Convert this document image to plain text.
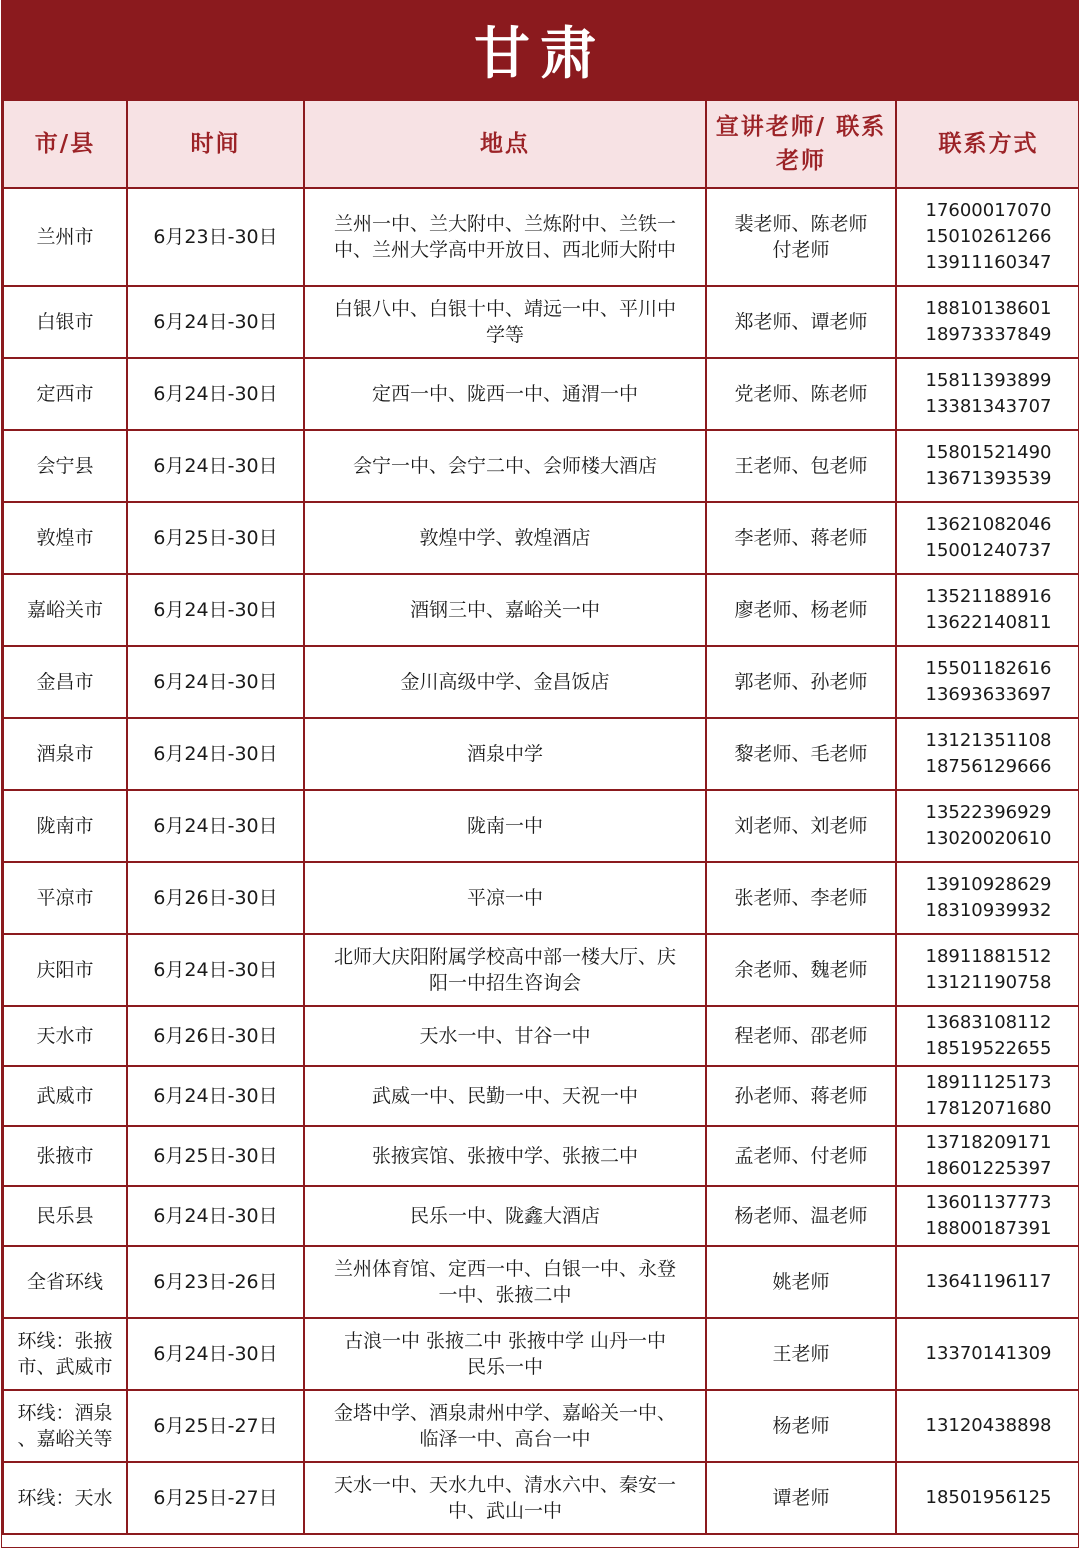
甘肃
市/县	时间	地点	宣讲老师/ 联系老师	联系方式

兰州市	6月23日-30日	兰州一中、兰大附中、兰炼附中、兰铁一
中、兰州大学高中开放日、西北师大附中	裴老师、陈老师
付老师	17600017070
15010261266
13911160347

白银市	6月24日-30日	白银八中、白银十中、靖远一中、平川中
学等	郑老师、谭老师	18810138601
18973337849

定西市	6月24日-30日	定西一中、陇西一中、通渭一中	党老师、陈老师	15811393899
13381343707

会宁县	6月24日-30日	会宁一中、会宁二中、会师楼大酒店	王老师、包老师	15801521490
13671393539

敦煌市	6月25日-30日	敦煌中学、敦煌酒店	李老师、蒋老师	13621082046
15001240737

嘉峪关市	6月24日-30日	酒钢三中、嘉峪关一中	廖老师、杨老师	13521188916
13622140811

金昌市	6月24日-30日	金川高级中学、金昌饭店	郭老师、孙老师	15501182616
13693633697

酒泉市	6月24日-30日	酒泉中学	黎老师、毛老师	13121351108
18756129666

陇南市	6月24日-30日	陇南一中	刘老师、刘老师	13522396929
13020020610

平凉市	6月26日-30日	平凉一中	张老师、李老师	13910928629
18310939932

庆阳市	6月24日-30日	北师大庆阳附属学校高中部一楼大厅、庆
阳一中招生咨询会	余老师、魏老师	18911881512
13121190758

天水市	6月26日-30日	天水一中、甘谷一中	程老师、邵老师	13683108112
18519522655

武威市	6月24日-30日	武威一中、民勤一中、天祝一中	孙老师、蒋老师	18911125173
17812071680

张掖市	6月25日-30日	张掖宾馆、张掖中学、张掖二中	孟老师、付老师	13718209171
18601225397

民乐县	6月24日-30日	民乐一中、陇鑫大酒店	杨老师、温老师	13601137773
18800187391

全省环线	6月23日-26日	兰州体育馆、定西一中、白银一中、永登
一中、张掖二中	姚老师	13641196117

环线：张掖
市、武威市	6月24日-30日	古浪一中 张掖二中 张掖中学 山丹一中
民乐一中	王老师	13370141309

环线：酒泉
、嘉峪关等	6月25日-27日	金塔中学、酒泉肃州中学、嘉峪关一中、
临泽一中、高台一中	杨老师	13120438898

环线：天水	6月25日-27日	天水一中、天水九中、清水六中、秦安一
中、武山一中	谭老师	18501956125
